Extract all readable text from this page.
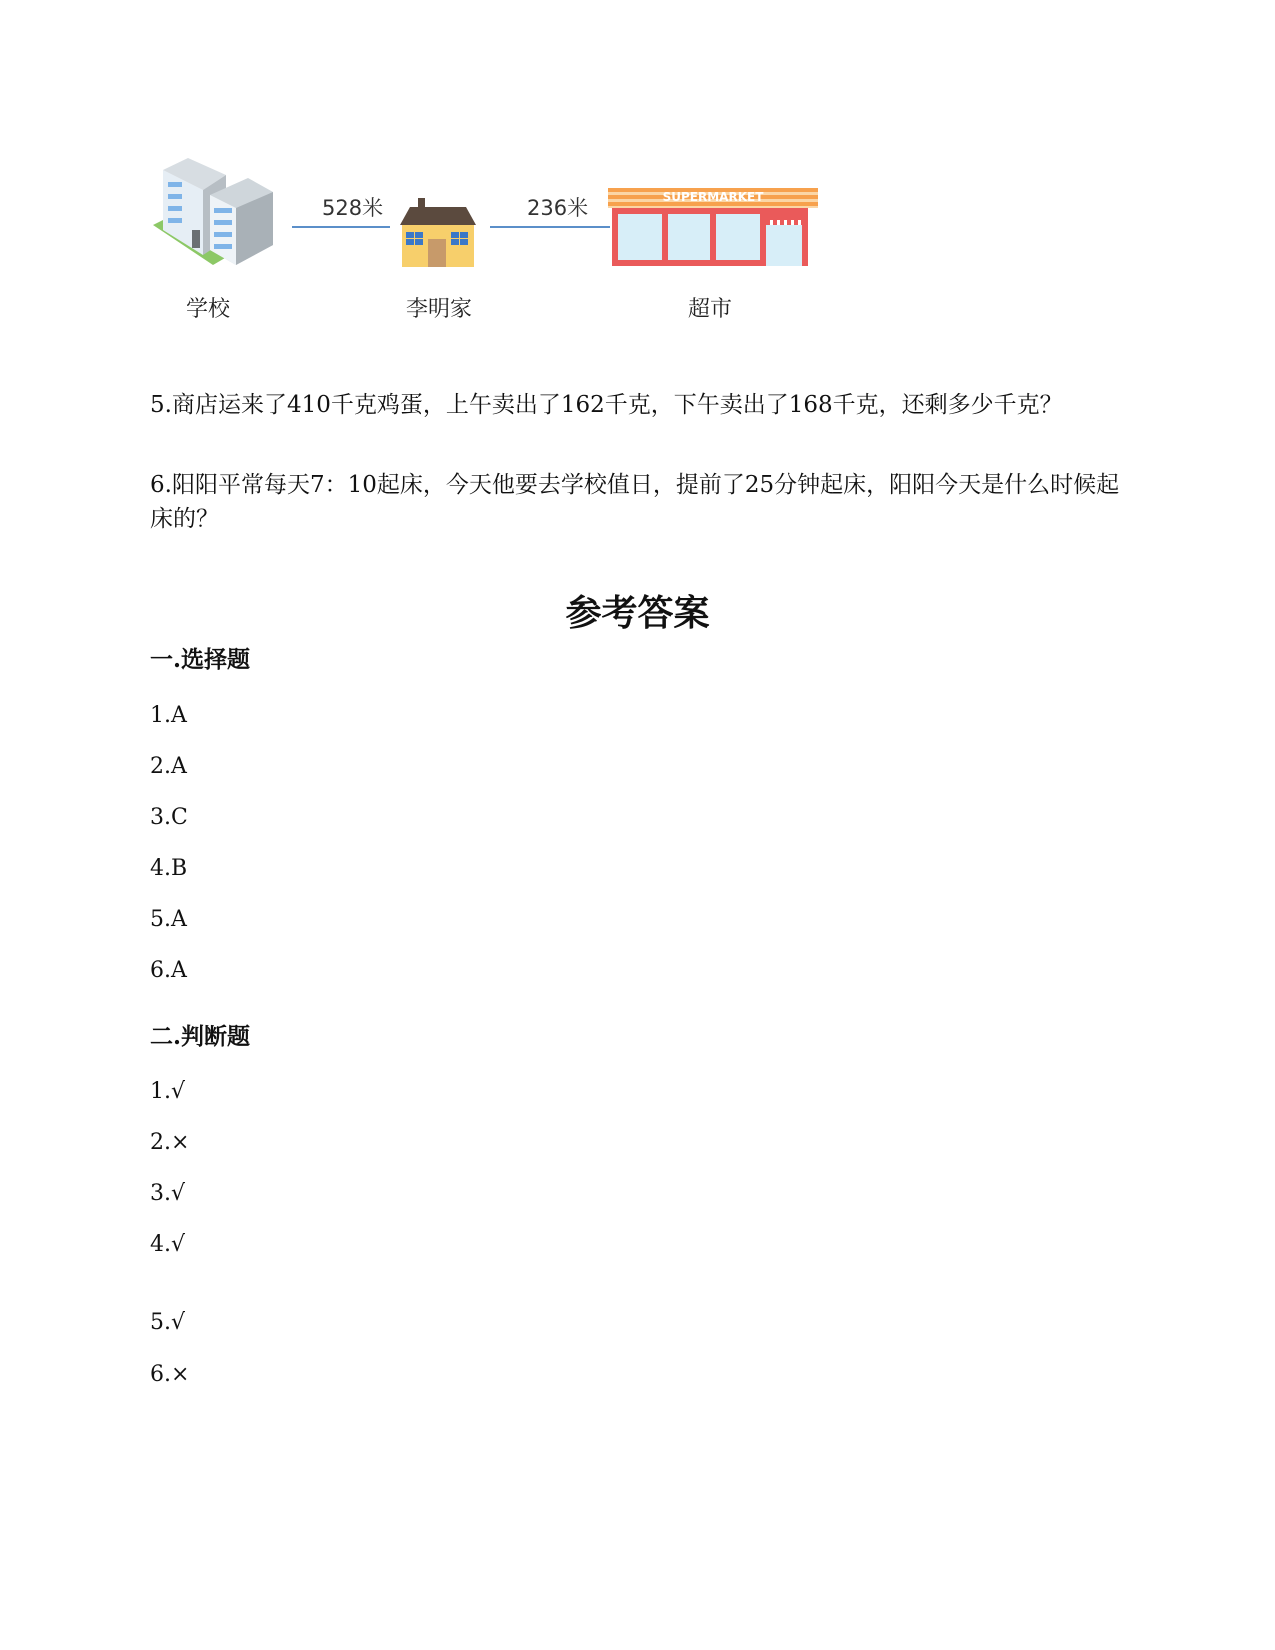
528米	236米	SUPERMARKET
学校	李明家	超市
5.商店运来了410千克鸡蛋，上午卖出了162千克，下午卖出了168千克，还剩多少千克？
6.阳阳平常每天7：10起床，今天他要去学校值日，提前了25分钟起床，阳阳今天是什么时候起床的？
参考答案
一.选择题
1.A
2.A
3.C
4.B
5.A
6.A
二.判断题
1.√
2.×
3.√
4.√
5.√
6.×
